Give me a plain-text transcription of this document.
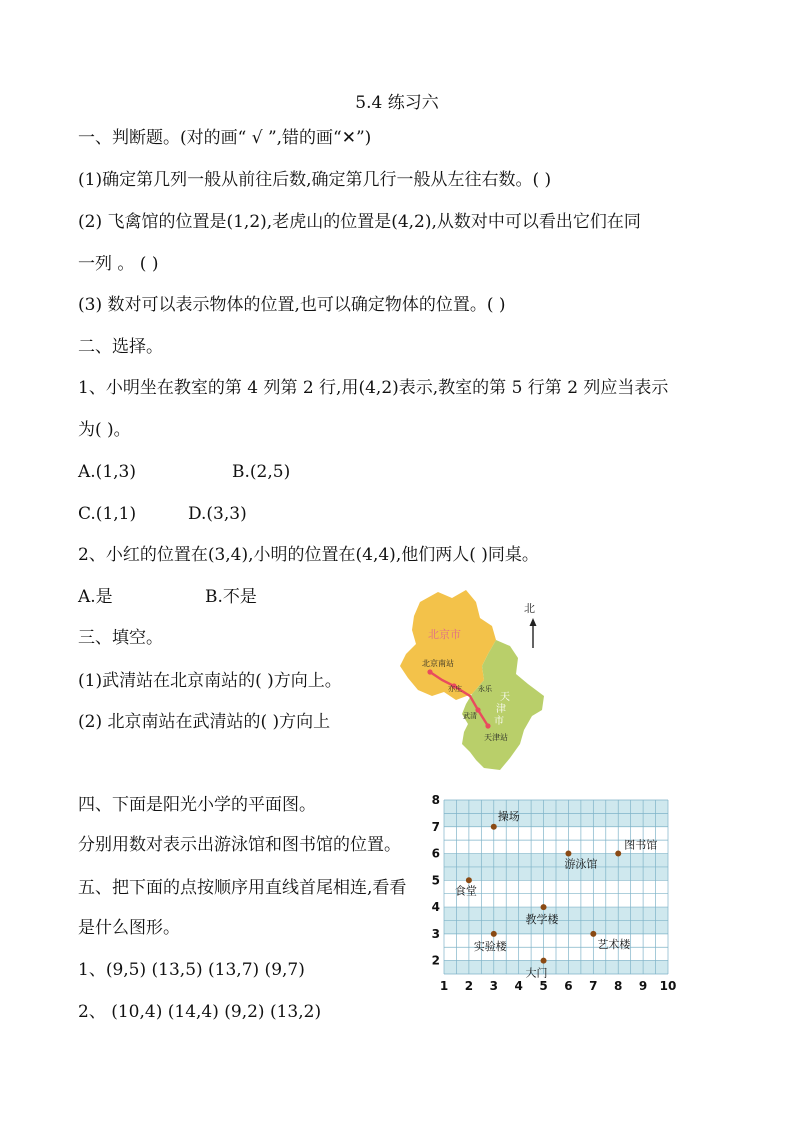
5.4 练习六
一、判断题。(对的画“ √ ”,错的画“✕”)
(1)确定第几列一般从前往后数,确定第几行一般从左往右数。( )
(2) 飞禽馆的位置是(1,2),老虎山的位置是(4,2),从数对中可以看出它们在同
一列 。 ( )
(3) 数对可以表示物体的位置,也可以确定物体的位置。( )
二、选择。
1、小明坐在教室的第 4 列第 2 行,用(4,2)表示,教室的第 5 行第 2 列应当表示
为( )。
A.(1,3)	B.(2,5)
C.(1,1)	D.(3,3)
2、小红的位置在(3,4),小明的位置在(4,4),他们两人( )同桌。
A.是	B.不是
三、填空。
(1)武清站在北京南站的( )方向上。
(2) 北京南站在武清站的( )方向上
北京市
天
津
市
北京南站
亦庄 永乐
武清
天津站
北
四、下面是阳光小学的平面图。
分别用数对表示出游泳馆和图书馆的位置。
五、把下面的点按顺序用直线首尾相连,看看
是什么图形。
1、(9,5) (13,5) (13,7) (9,7)
2、 (10,4) (14,4) (9,2) (13,2)
1 2 3 4 5 6 7 8 9 10
2
3
4
5
6
7
8
操场
游泳馆
图书馆
食堂
教学楼
实验楼	艺术楼
大门
